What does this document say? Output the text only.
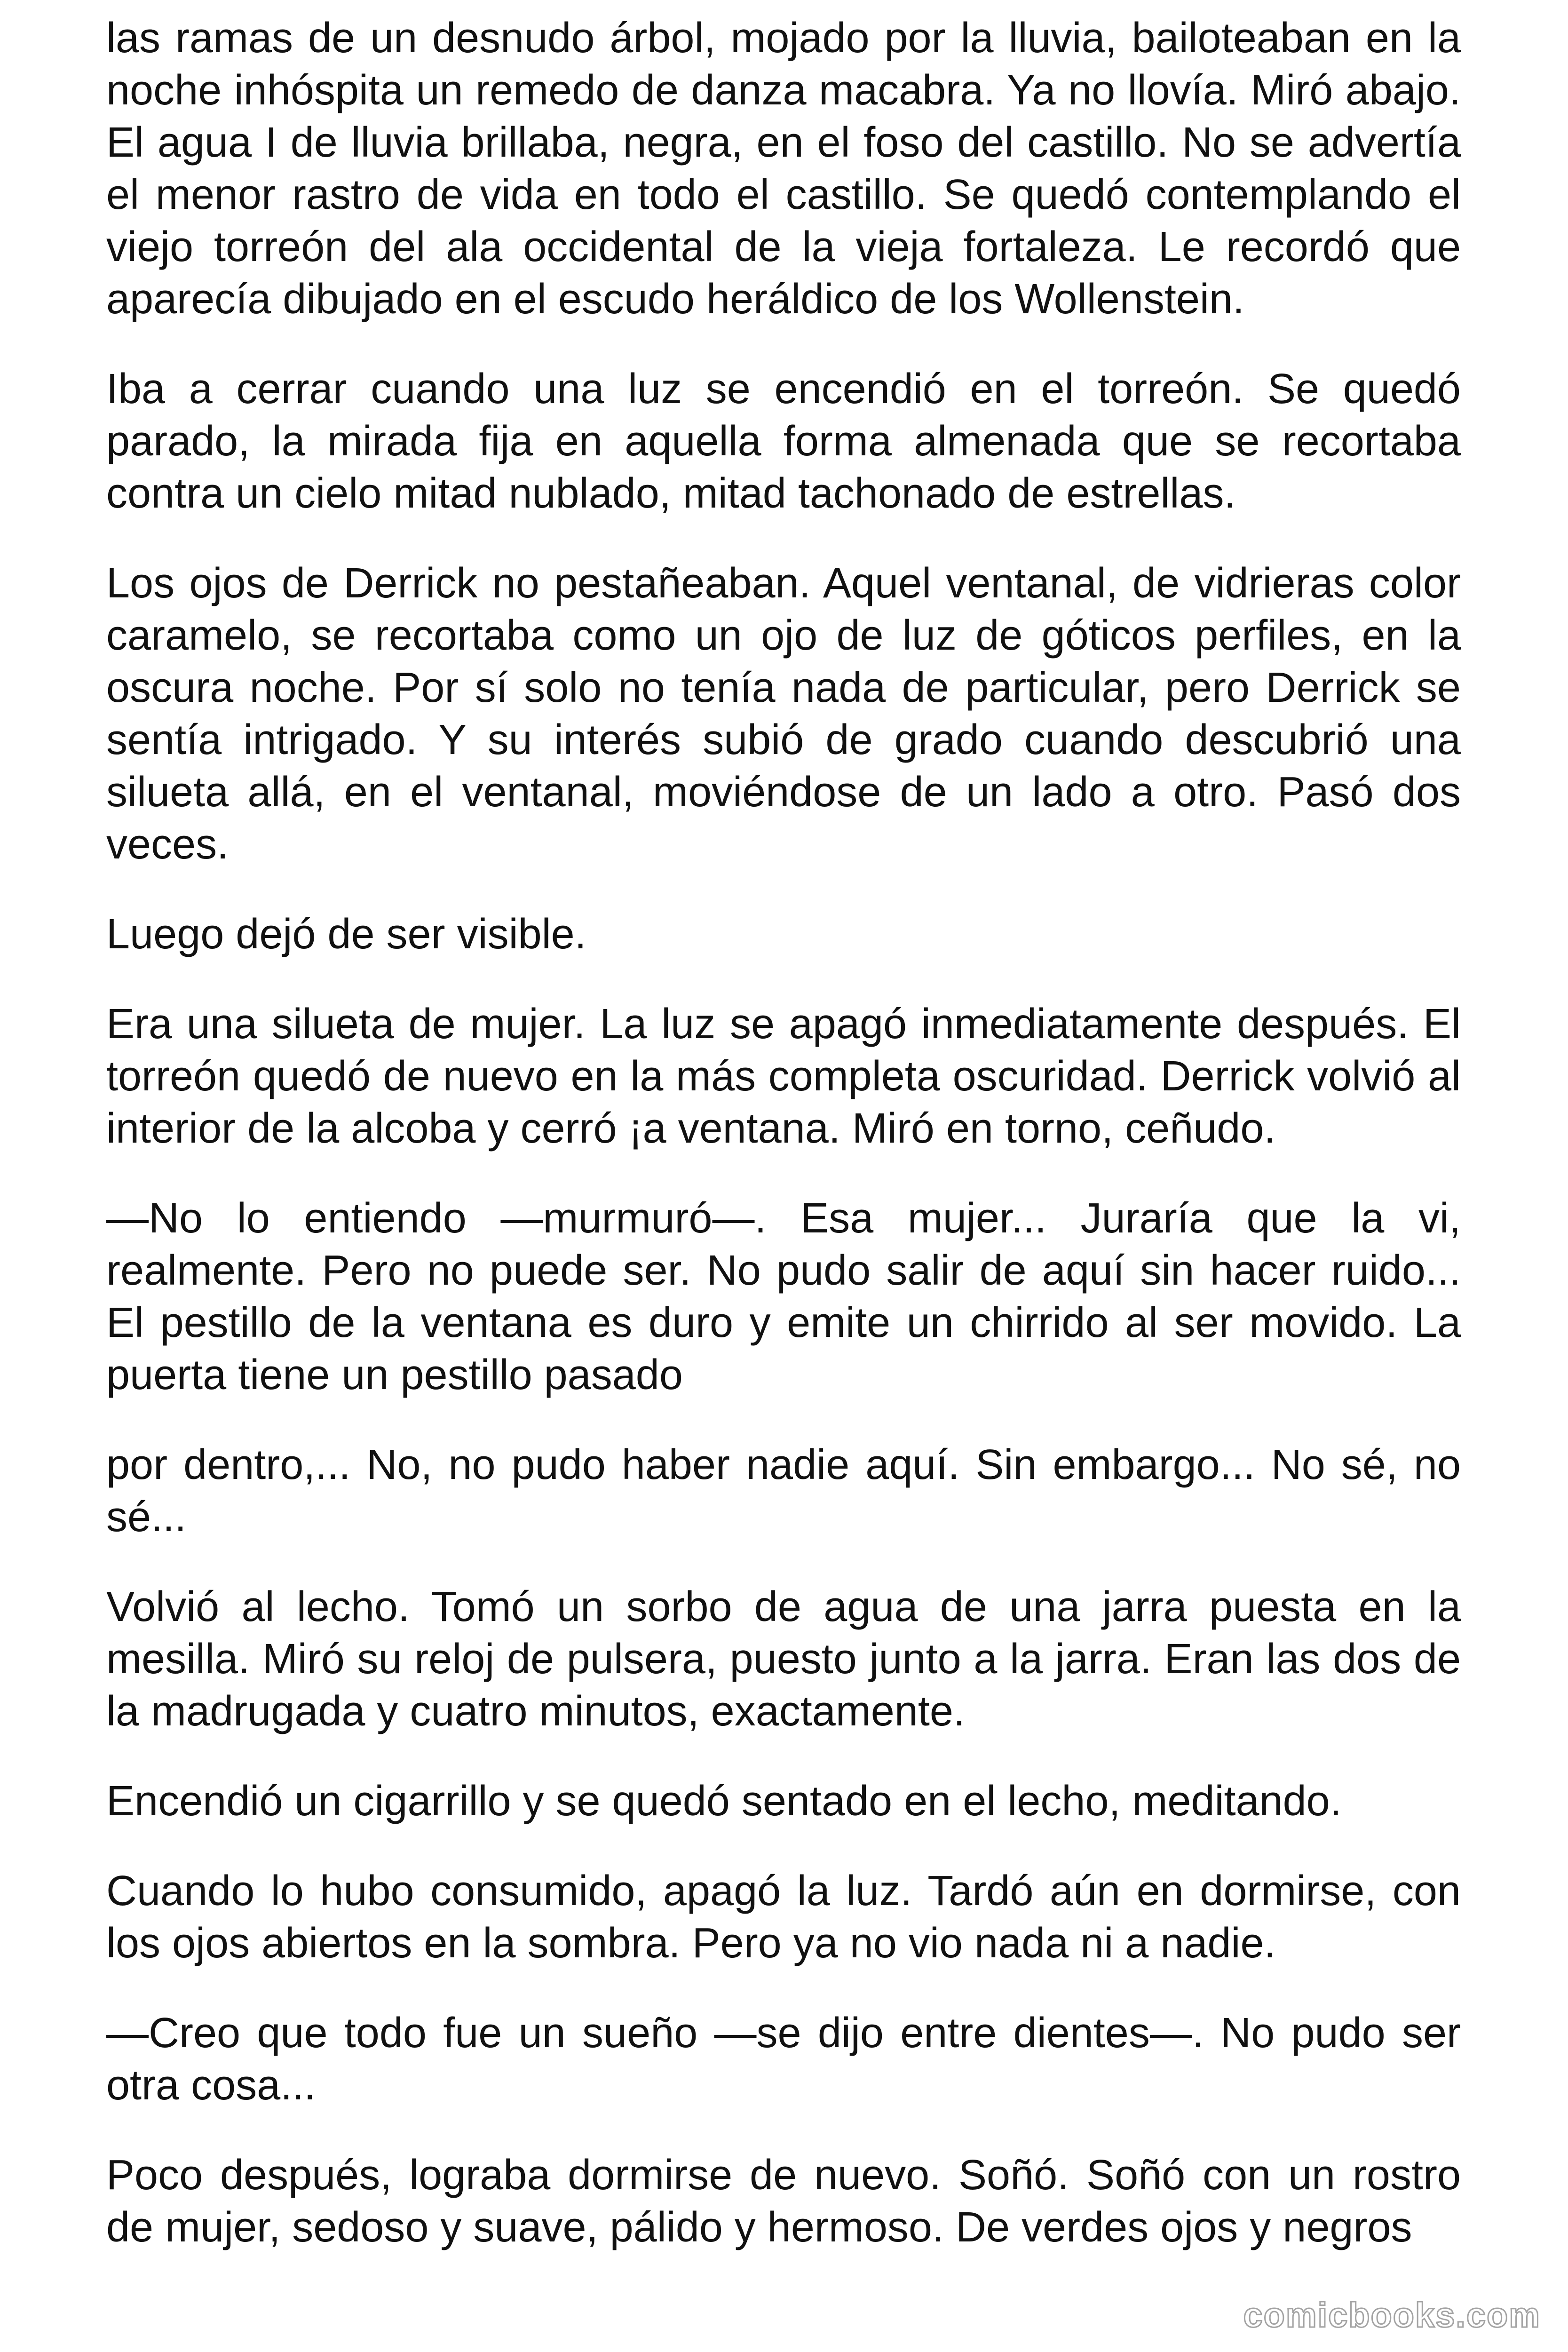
las ramas de un desnudo árbol, mojado por la lluvia, bailoteaban en la noche inhóspita un remedo de danza macabra. Ya no llovía. Miró abajo. El agua I de lluvia brillaba, negra, en el foso del castillo. No se advertía el menor rastro de vida en todo el castillo. Se quedó contemplando el viejo torreón del ala occidental de la vieja fortaleza. Le recordó que aparecía dibujado en el escudo heráldico de los Wollenstein.

Iba a cerrar cuando una luz se encendió en el torreón. Se quedó parado, la mirada fija en aquella forma almenada que se recortaba contra un cielo mitad nublado, mitad tachonado de estrellas.

Los ojos de Derrick no pestañeaban. Aquel ventanal, de vidrieras color caramelo, se recortaba como un ojo de luz de góticos perfiles, en la oscura noche. Por sí solo no tenía nada de particular, pero Derrick se sentía intrigado. Y su interés subió de grado cuando descubrió una silueta allá, en el ventanal, moviéndose de un lado a otro. Pasó dos veces.

Luego dejó de ser visible.

Era una silueta de mujer. La luz se apagó inmediatamente después. El torreón quedó de nuevo en la más completa oscuridad. Derrick volvió al interior de la alcoba y cerró ¡a ventana. Miró en torno, ceñudo.

—No lo entiendo —murmuró—. Esa mujer... Juraría que la vi, realmente. Pero no puede ser. No pudo salir de aquí sin hacer ruido... El pestillo de la ventana es duro y emite un chirrido al ser movido. La puerta tiene un pestillo pasado

por dentro,... No, no pudo haber nadie aquí. Sin embargo... No sé, no sé...

Volvió al lecho. Tomó un sorbo de agua de una jarra puesta en la mesilla. Miró su reloj de pulsera, puesto junto a la jarra. Eran las dos de la madrugada y cuatro minutos, exactamente.

Encendió un cigarrillo y se quedó sentado en el lecho, meditando.

Cuando lo hubo consumido, apagó la luz. Tardó aún en dormirse, con los ojos abiertos en la sombra. Pero ya no vio nada ni a nadie.

—Creo que todo fue un sueño —se dijo entre dientes—. No pudo ser otra cosa...

Poco después, lograba dormirse de nuevo. Soñó. Soñó con un rostro de mujer, sedoso y suave, pálido y hermoso. De verdes ojos y negros

comicbooks.com
